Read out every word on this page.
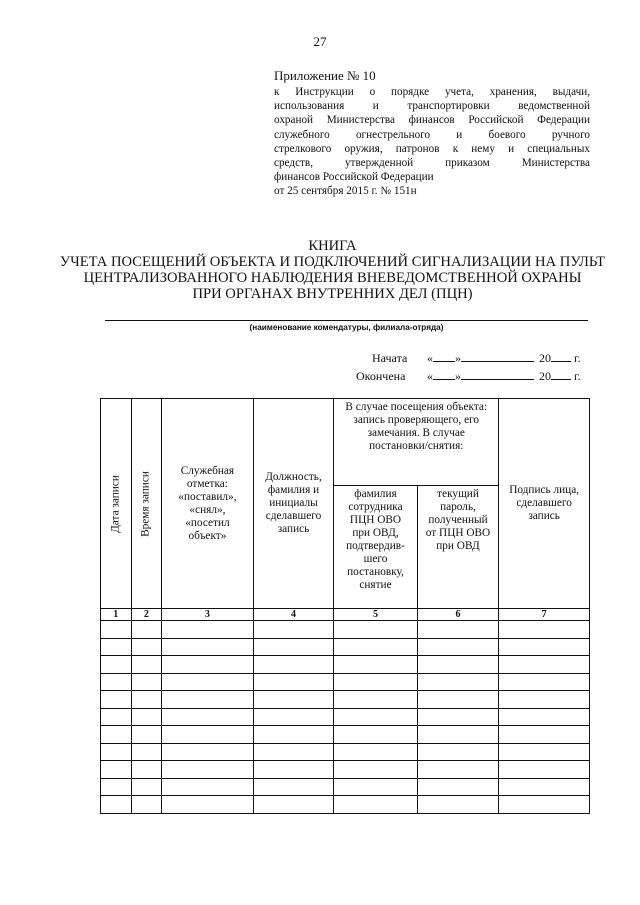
27
Приложение № 10
к Инструкции о порядке учета, хранения, выдачи,
использования и транспортировки ведомственной
охраной Министерства финансов Российской Федерации
служебного огнестрельного и боевого ручного
стрелкового оружия, патронов к нему и специальных
средств, утвержденной приказом Министерства
финансов Российской Федерации
от 25 сентября 2015 г. № 151н
КНИГА
УЧЕТА ПОСЕЩЕНИЙ ОБЪЕКТА И ПОДКЛЮЧЕНИЙ СИГНАЛИЗАЦИИ НА ПУЛЬТ
ЦЕНТРАЛИЗОВАННОГО НАБЛЮДЕНИЯ ВНЕВЕДОМСТВЕННОЙ ОХРАНЫ
ПРИ ОРГАНАХ ВНУТРЕННИХ ДЕЛ (ПЦН)
(наименование комендатуры, филиала-отряда)
Начата « »	20 г.
Окончена « »	20 г.
Дата записи	Время записи	Служебная отметка: «поставил», «снял», «посетил объект»	Должность, фамилия и инициалы сделавшего запись	В случае посещения объекта: запись проверяющего, его замечания. В случае постановки/снятия:		Подпись лица, сделавшего запись
				фамилия сотрудника ПЦН ОВО при ОВД, подтвердив-шего постановку, снятие	текущий пароль, полученный от ПЦН ОВО при ОВД	
1	2	3	4	5	6	7
